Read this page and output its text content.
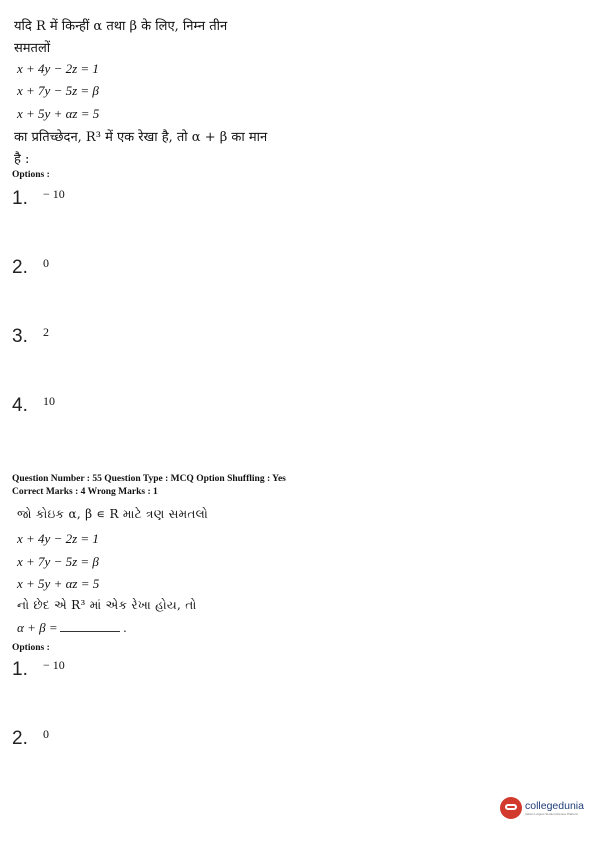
यदि R में किन्हीं α तथा β के लिए, निम्न तीन
समतलों
x + 4y − 2z = 1
x + 7y − 5z = β
x + 5y + αz = 5
का प्रतिच्छेदन, R³ में एक रेखा है, तो α + β का मान
है :
Options :
1. $^{- 10}$
2. $^0$
3. $^2$
4. $^{10}$
Question Number : 55 Question Type : MCQ Option Shuffling : Yes
Correct Marks : 4 Wrong Marks : 1
જો કોઇક α, β ∊ R માટે ત્રણ સમતલો
x + 4y − 2z = 1
x + 7y − 5z = β
x + 5y + αz = 5
નો છેદ એ R³ માં એક રેખા હોય, તો
α + β =	.
Options :
1. $^{- 10}$
2. $^0$
collegedunia
India's Largest Student Review Platform
